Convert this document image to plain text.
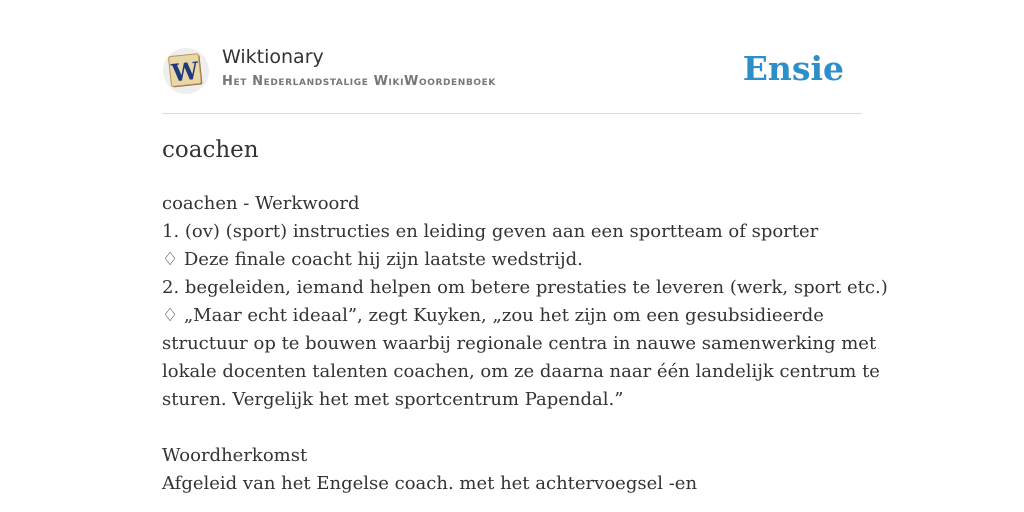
W Wiktionary
Het Nederlandstalige WikiWoordenboek	Ensie
coachen
coachen - Werkwoord
1. (ov) (sport) instructies en leiding geven aan een sportteam of sporter
♢ Deze finale coacht hij zijn laatste wedstrijd.
2. begeleiden, iemand helpen om betere prestaties te leveren (werk, sport etc.)
♢ „Maar echt ideaal”, zegt Kuyken, „zou het zijn om een gesubsidieerde
structuur op te bouwen waarbij regionale centra in nauwe samenwerking met
lokale docenten talenten coachen, om ze daarna naar één landelijk centrum te
sturen. Vergelijk het met sportcentrum Papendal.”
Woordherkomst
Afgeleid van het Engelse coach. met het achtervoegsel -en
